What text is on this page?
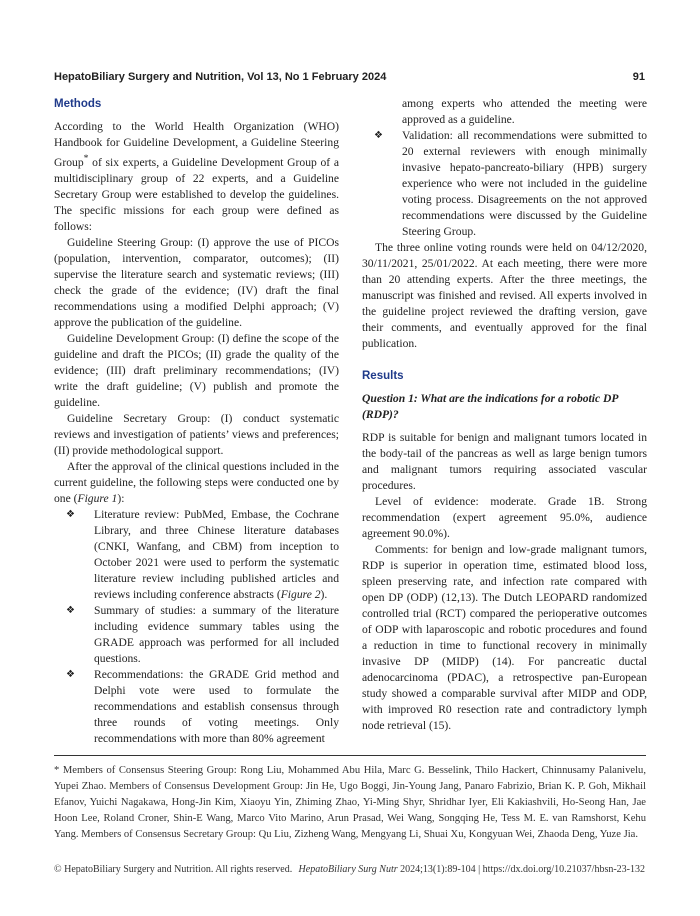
HepatoBiliary Surgery and Nutrition, Vol 13, No 1 February 2024	91
Methods

According to the World Health Organization (WHO) Handbook for Guideline Development, a Guideline Steering Group* of six experts, a Guideline Development Group of a multidisciplinary group of 22 experts, and a Guideline Secretary Group were established to develop the guidelines. The specific missions for each group were defined as follows:

Guideline Steering Group: (I) approve the use of PICOs (population, intervention, comparator, outcomes); (II) supervise the literature search and systematic reviews; (III) check the grade of the evidence; (IV) draft the final recommendations using a modified Delphi approach; (V) approve the publication of the guideline.

Guideline Development Group: (I) define the scope of the guideline and draft the PICOs; (II) grade the quality of the evidence; (III) draft preliminary recommendations; (IV) write the draft guideline; (V) publish and promote the guideline.

Guideline Secretary Group: (I) conduct systematic reviews and investigation of patients’ views and preferences; (II) provide methodological support.

After the approval of the clinical questions included in the current guideline, the following steps were conducted one by one (Figure 1):

❖ Literature review: PubMed, Embase, the Cochrane Library, and three Chinese literature databases (CNKI, Wanfang, and CBM) from inception to October 2021 were used to perform the systematic literature review including published articles and reviews including conference abstracts (Figure 2).
❖ Summary of studies: a summary of the literature including evidence summary tables using the GRADE approach was performed for all included questions.
❖ Recommendations: the GRADE Grid method and Delphi vote were used to formulate the recommendations and establish consensus through three rounds of voting meetings. Only recommendations with more than 80% agreement
among experts who attended the meeting were approved as a guideline.
❖ Validation: all recommendations were submitted to 20 external reviewers with enough minimally invasive hepato-pancreato-biliary (HPB) surgery experience who were not included in the guideline voting process. Disagreements on the not approved recommendations were discussed by the Guideline Steering Group.

The three online voting rounds were held on 04/12/2020, 30/11/2021, 25/01/2022. At each meeting, there were more than 20 attending experts. After the three meetings, the manuscript was finished and revised. All experts involved in the guideline project reviewed the drafting version, gave their comments, and eventually approved for the final publication.

Results
Question 1: What are the indications for a robotic DP (RDP)?

RDP is suitable for benign and malignant tumors located in the body-tail of the pancreas as well as large benign tumors and malignant tumors requiring associated vascular procedures.

Level of evidence: moderate. Grade 1B. Strong recommendation (expert agreement 95.0%, audience agreement 90.0%).

Comments: for benign and low-grade malignant tumors, RDP is superior in operation time, estimated blood loss, spleen preserving rate, and infection rate compared with open DP (ODP) (12,13). The Dutch LEOPARD randomized controlled trial (RCT) compared the perioperative outcomes of ODP with laparoscopic and robotic procedures and found a reduction in time to functional recovery in minimally invasive DP (MIDP) (14). For pancreatic ductal adenocarcinoma (PDAC), a retrospective pan-European study showed a comparable survival after MIDP and ODP, with improved R0 resection rate and contradictory lymph node retrieval (15).

* Members of Consensus Steering Group: Rong Liu, Mohammed Abu Hila, Marc G. Besselink, Thilo Hackert, Chinnusamy Palanivelu, Yupei Zhao. Members of Consensus Development Group: Jin He, Ugo Boggi, Jin-Young Jang, Panaro Fabrizio, Brian K. P. Goh, Mikhail Efanov, Yuichi Nagakawa, Hong-Jin Kim, Xiaoyu Yin, Zhiming Zhao, Yi-Ming Shyr, Shridhar Iyer, Eli Kakiashvili, Ho-Seong Han, Jae Hoon Lee, Roland Croner, Shin-E Wang, Marco Vito Marino, Arun Prasad, Wei Wang, Songqing He, Tess M. E. van Ramshorst, Kehu Yang. Members of Consensus Secretary Group: Qu Liu, Zizheng Wang, Mengyang Li, Shuai Xu, Kongyuan Wei, Zhaoda Deng, Yuze Jia.
© HepatoBiliary Surgery and Nutrition. All rights reserved. HepatoBiliary Surg Nutr 2024;13(1):89-104 | https://dx.doi.org/10.21037/hbsn-23-132
